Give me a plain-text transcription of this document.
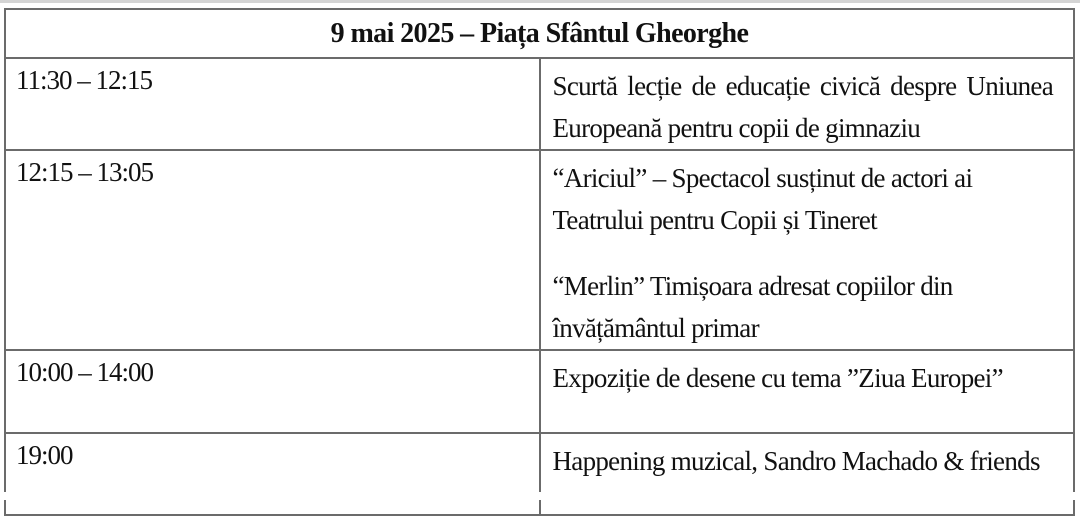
9 mai 2025 – Piața Sfântul Gheorghe	
11:30 – 12:15	Scurtă lecție de educație civică despre Uniunea Europeană pentru copii de gimnaziu
12:15 – 13:05	“Ariciul” – Spectacol susținut de actori ai Teatrului pentru Copii și Tineret
“Merlin” Timișoara adresat copiilor din învățământul primar

10:00 – 14:00	Expoziție de desene cu tema ”Ziua Europei”
19:00	Happening muzical, Sandro Machado & friends
